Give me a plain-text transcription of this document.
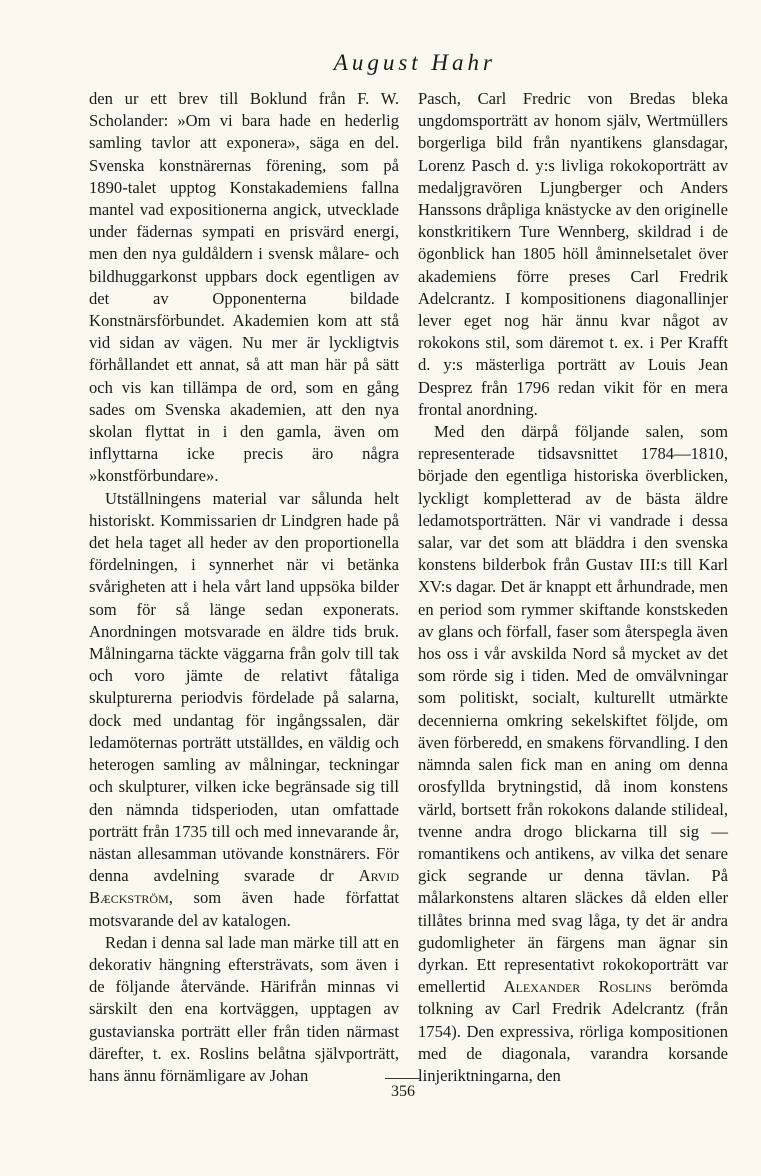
August Hahr

den ur ett brev till Boklund från F. W. Scholander: »Om vi bara hade en hederlig samling tavlor att exponera», säga en del. Svenska konstnärernas förening, som på 1890-talet upptog Konstakademiens fallna mantel vad expositionerna angick, utvecklade under fädernas sympati en prisvärd energi, men den nya guldåldern i svensk målare- och bildhuggarkonst uppbars dock egentligen av det av Opponenterna bildade Konstnärsförbundet. Akademien kom att stå vid sidan av vägen. Nu mer är lyckligtvis förhållandet ett annat, så att man här på sätt och vis kan tillämpa de ord, som en gång sades om Svenska akademien, att den nya skolan flyttat in i den gamla, även om inflyttarna icke precis äro några »konstförbundare».

Utställningens material var sålunda helt historiskt. Kommissarien dr Lindgren hade på det hela taget all heder av den proportionella fördelningen, i synnerhet när vi betänka svårigheten att i hela vårt land uppsöka bilder som för så länge sedan exponerats. Anordningen motsvarade en äldre tids bruk. Målningarna täckte väggarna från golv till tak och voro jämte de relativt fåtaliga skulpturerna periodvis fördelade på salarna, dock med undantag för ingångssalen, där ledamöternas porträtt utställdes, en väldig och heterogen samling av målningar, teckningar och skulpturer, vilken icke begränsade sig till den nämnda tidsperioden, utan omfattade porträtt från 1735 till och med innevarande år, nästan allesamman utövande konstnärers. För denna avdelning svarade dr Arvid Bæckström, som även hade författat motsvarande del av katalogen.

Redan i denna sal lade man märke till att en dekorativ hängning eftersträvats, som även i de följande återvände. Härifrån minnas vi särskilt den ena kortväggen, upptagen av gustavianska porträtt eller från tiden närmast därefter, t. ex. Roslins belåtna självporträtt, hans ännu förnämligare av Johan

Pasch, Carl Fredric von Bredas bleka ungdomsporträtt av honom själv, Wertmüllers borgerliga bild från nyantikens glansdagar, Lorenz Pasch d. y:s livliga rokokoporträtt av medaljgravören Ljungberger och Anders Hanssons dråpliga knästycke av den originelle konstkritikern Ture Wennberg, skildrad i de ögonblick han 1805 höll åminnelsetalet över akademiens förre preses Carl Fredrik Adelcrantz. I kompositionens diagonallinjer lever eget nog här ännu kvar något av rokokons stil, som däremot t. ex. i Per Krafft d. y:s mästerliga porträtt av Louis Jean Desprez från 1796 redan vikit för en mera frontal anordning.

Med den därpå följande salen, som representerade tidsavsnittet 1784—1810, började den egentliga historiska överblicken, lyckligt kompletterad av de bästa äldre ledamotsporträtten. När vi vandrade i dessa salar, var det som att bläddra i den svenska konstens bilderbok från Gustav III:s till Karl XV:s dagar. Det är knappt ett århundrade, men en period som rymmer skiftande konstskeden av glans och förfall, faser som återspegla även hos oss i vår avskilda Nord så mycket av det som rörde sig i tiden. Med de omvälvningar som politiskt, socialt, kulturellt utmärkte decennierna omkring sekelskiftet följde, om även förberedd, en smakens förvandling. I den nämnda salen fick man en aning om denna orosfyllda brytningstid, då inom konstens värld, bortsett från rokokons dalande stilideal, tvenne andra drogo blickarna till sig — romantikens och antikens, av vilka det senare gick segrande ur denna tävlan. På målarkonstens altaren släckes då elden eller tillåtes brinna med svag låga, ty det är andra gudomligheter än färgens man ägnar sin dyrkan. Ett representativt rokokoporträtt var emellertid Alexander Roslins berömda tolkning av Carl Fredrik Adelcrantz (från 1754). Den expressiva, rörliga kompositionen med de diagonala, varandra korsande linjeriktningarna, den

356
